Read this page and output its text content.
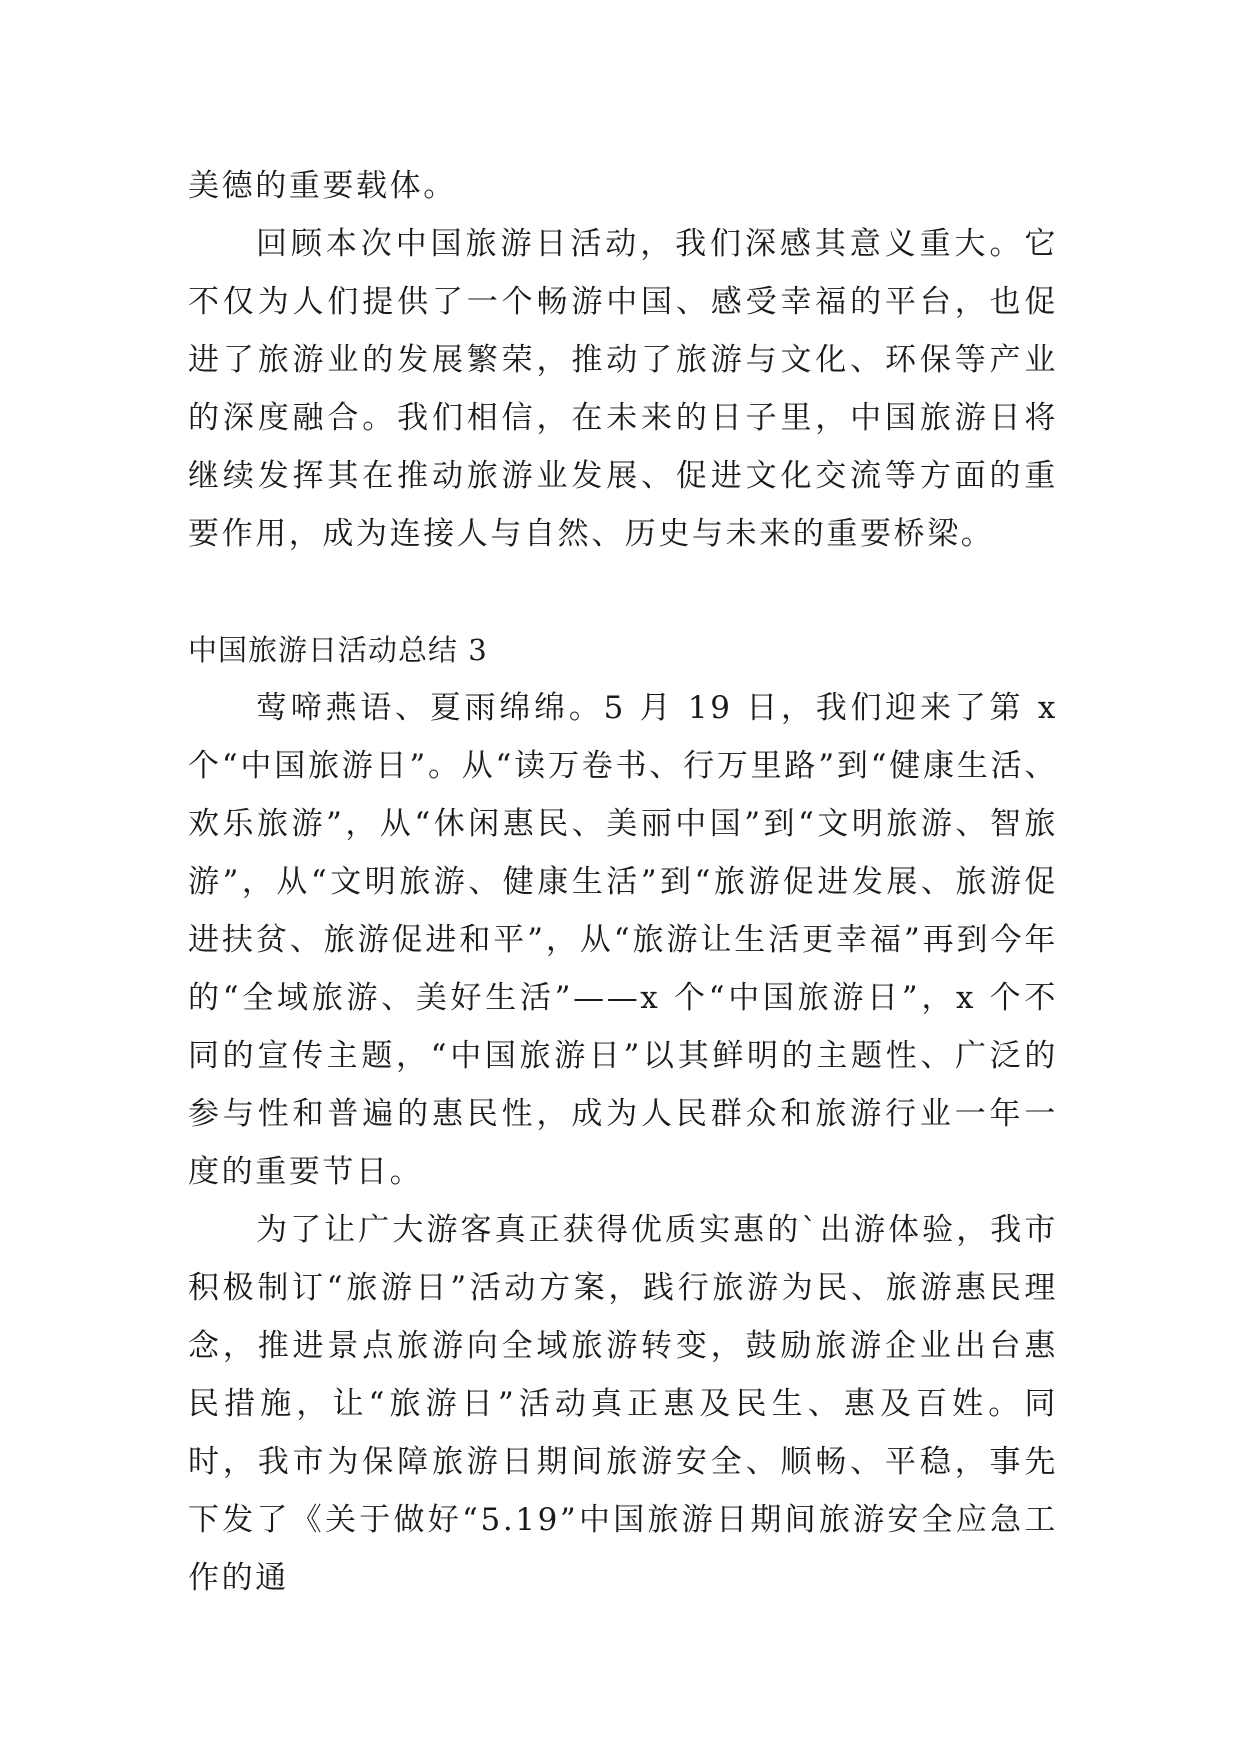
美德的重要载体。

回顾本次中国旅游日活动，我们深感其意义重大。它不仅为人们提供了一个畅游中国、感受幸福的平台，也促进了旅游业的发展繁荣，推动了旅游与文化、环保等产业的深度融合。我们相信，在未来的日子里，中国旅游日将继续发挥其在推动旅游业发展、促进文化交流等方面的重要作用，成为连接人与自然、历史与未来的重要桥梁。

中国旅游日活动总结 3

莺啼燕语、夏雨绵绵。5 月 19 日，我们迎来了第 x 个“中国旅游日”。从“读万卷书、行万里路”到“健康生活、欢乐旅游”，从“休闲惠民、美丽中国”到“文明旅游、智旅游”，从“文明旅游、健康生活”到“旅游促进发展、旅游促进扶贫、旅游促进和平”，从“旅游让生活更幸福”再到今年的“全域旅游、美好生活”——x 个“中国旅游日”，x 个不同的宣传主题，“中国旅游日”以其鲜明的主题性、广泛的参与性和普遍的惠民性，成为人民群众和旅游行业一年一度的重要节日。

为了让广大游客真正获得优质实惠的`出游体验，我市积极制订“旅游日”活动方案，践行旅游为民、旅游惠民理念，推进景点旅游向全域旅游转变，鼓励旅游企业出台惠民措施，让“旅游日”活动真正惠及民生、惠及百姓。同时，我市为保障旅游日期间旅游安全、顺畅、平稳，事先下发了《关于做好“5.19”中国旅游日期间旅游安全应急工作的通
